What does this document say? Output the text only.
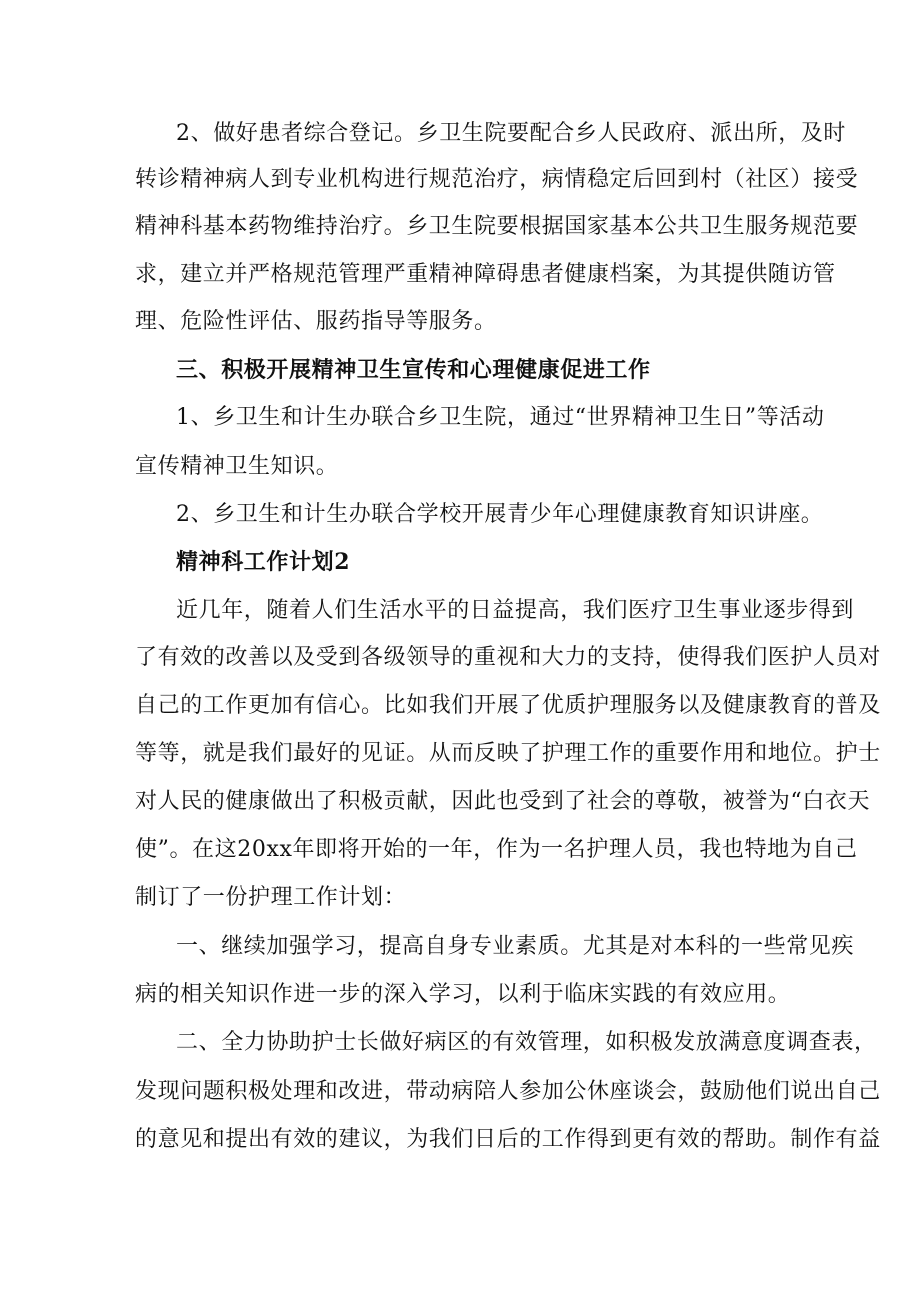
2、做好患者综合登记。乡卫生院要配合乡人民政府、派出所，及时
转诊精神病人到专业机构进行规范治疗，病情稳定后回到村（社区）接受
精神科基本药物维持治疗。乡卫生院要根据国家基本公共卫生服务规范要
求，建立并严格规范管理严重精神障碍患者健康档案，为其提供随访管
理、危险性评估、服药指导等服务。
三、积极开展精神卫生宣传和心理健康促进工作
1、乡卫生和计生办联合乡卫生院，通过“世界精神卫生日”等活动
宣传精神卫生知识。
2、乡卫生和计生办联合学校开展青少年心理健康教育知识讲座。
精神科工作计划2
近几年，随着人们生活水平的日益提高，我们医疗卫生事业逐步得到
了有效的改善以及受到各级领导的重视和大力的支持，使得我们医护人员对
自己的工作更加有信心。比如我们开展了优质护理服务以及健康教育的普及
等等，就是我们最好的见证。从而反映了护理工作的重要作用和地位。护士
对人民的健康做出了积极贡献，因此也受到了社会的尊敬，被誉为“白衣天
使”。在这20xx年即将开始的一年，作为一名护理人员，我也特地为自己
制订了一份护理工作计划：
一、继续加强学习，提高自身专业素质。尤其是对本科的一些常见疾
病的相关知识作进一步的深入学习，以利于临床实践的有效应用。
二、全力协助护士长做好病区的有效管理，如积极发放满意度调查表，
发现问题积极处理和改进，带动病陪人参加公休座谈会，鼓励他们说出自己
的意见和提出有效的建议，为我们日后的工作得到更有效的帮助。制作有益
